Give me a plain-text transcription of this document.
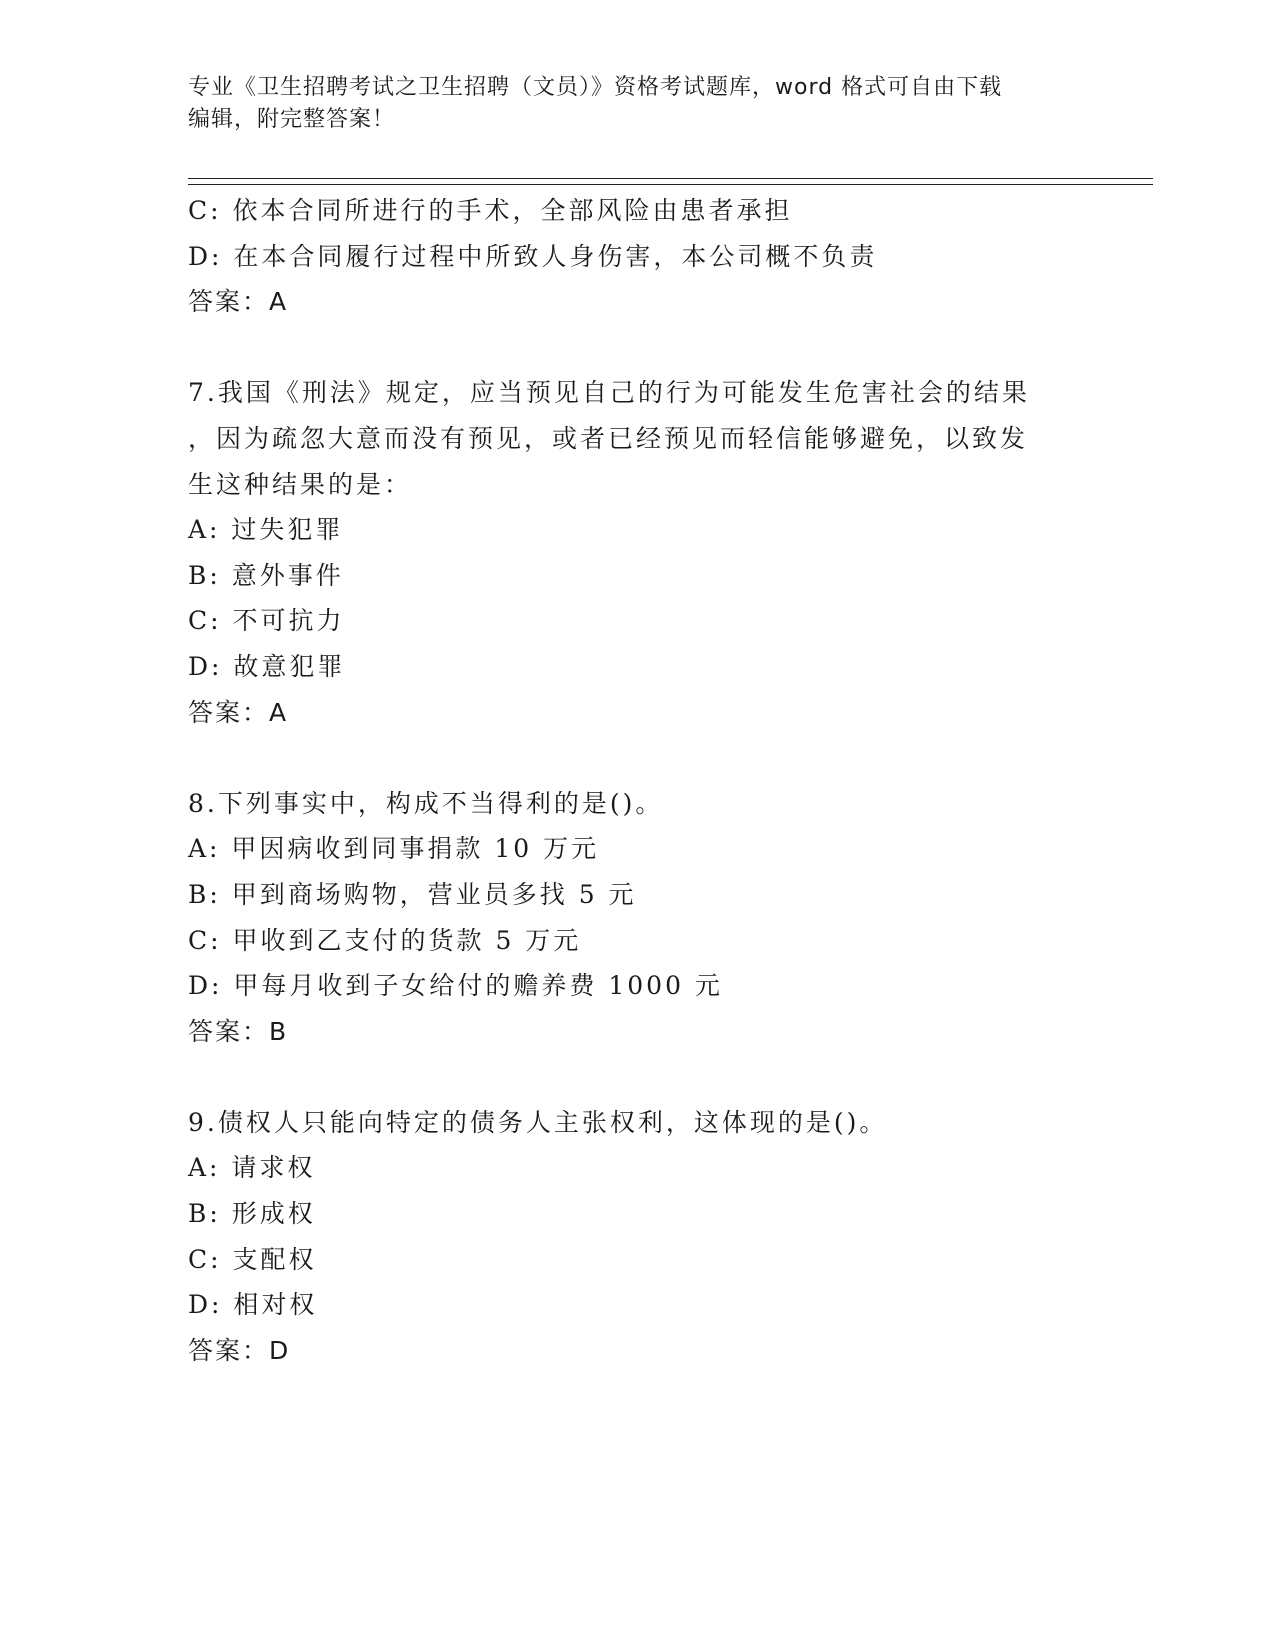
专业《卫生招聘考试之卫生招聘（文员）》资格考试题库，word 格式可自由下载
编辑，附完整答案！
C: 依本合同所进行的手术，全部风险由患者承担
D: 在本合同履行过程中所致人身伤害，本公司概不负责
答案：A
7.我国《刑法》规定，应当预见自己的行为可能发生危害社会的结果
，因为疏忽大意而没有预见，或者已经预见而轻信能够避免，以致发
生这种结果的是：
A: 过失犯罪
B: 意外事件
C: 不可抗力
D: 故意犯罪
答案：A
8.下列事实中，构成不当得利的是()。
A: 甲因病收到同事捐款 10 万元
B: 甲到商场购物，营业员多找 5 元
C: 甲收到乙支付的货款 5 万元
D: 甲每月收到子女给付的赡养费 1000 元
答案：B
9.债权人只能向特定的债务人主张权利，这体现的是()。
A: 请求权
B: 形成权
C: 支配权
D: 相对权
答案：D
